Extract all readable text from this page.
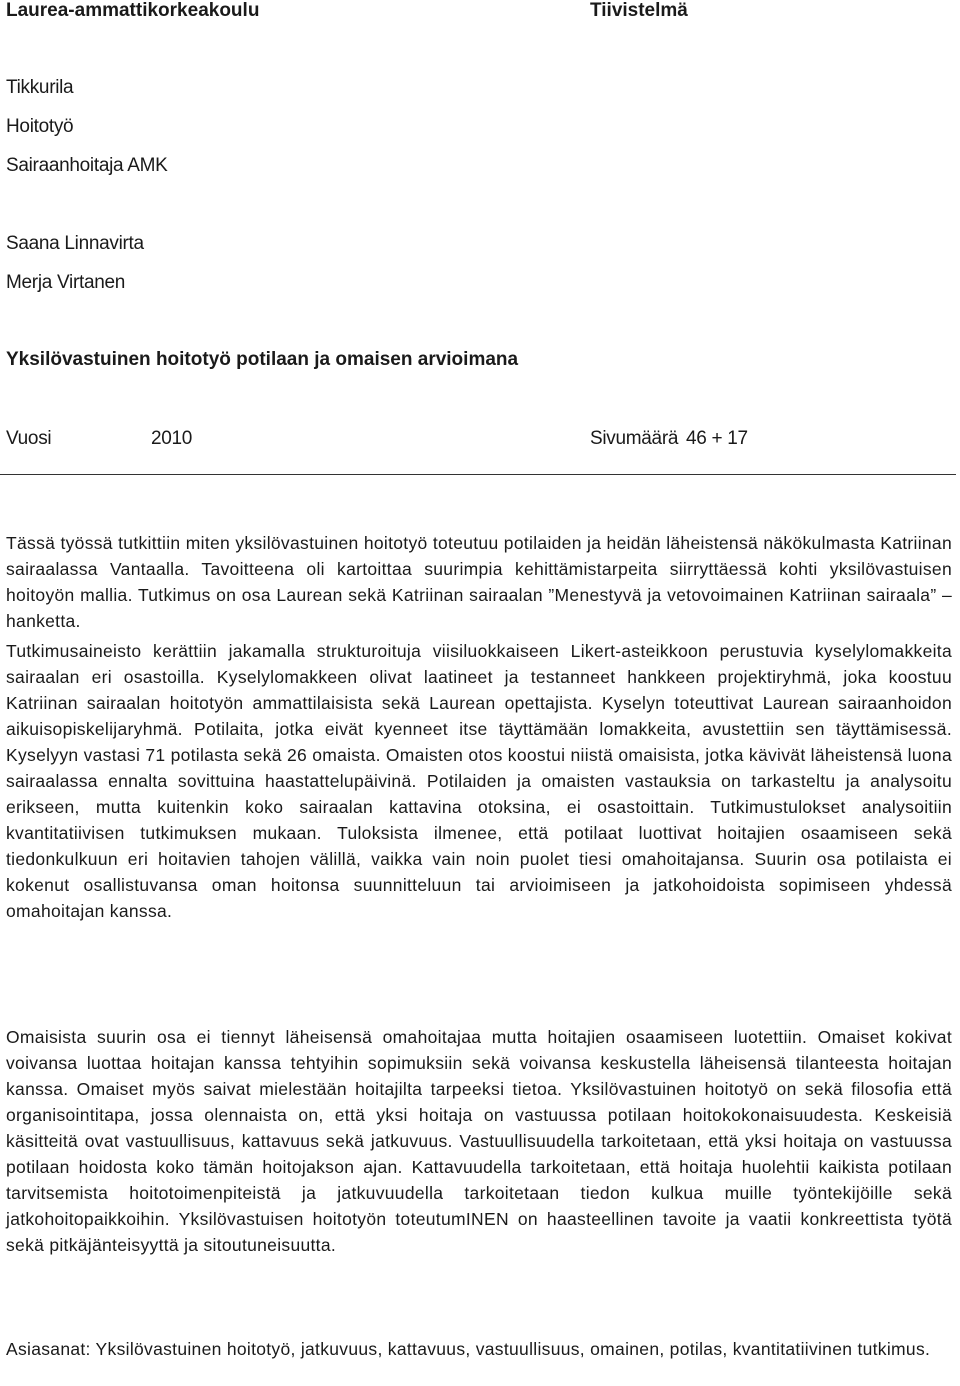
Laurea-ammattikorkeakoulu	Tiivistelmä
Tikkurila
Hoitotyö
Sairaanhoitaja AMK
Saana Linnavirta
Merja Virtanen
Yksilövastuinen hoitotyö potilaan ja omaisen arvioimana
Vuosi	2010	Sivumäärä 46 + 17
Tässä työssä tutkittiin miten yksilövastuinen hoitotyö toteutuu potilaiden ja heidän läheistensä näkökulmasta Katriinan sairaalassa Vantaalla. Tavoitteena oli kartoittaa suurimpia kehittämistarpeita siirryttäessä kohti yksilövastuisen hoitoyön mallia. Tutkimus on osa Laurean sekä Katriinan sairaalan ”Menestyvä ja vetovoimainen Katriinan sairaala” –hanketta.
Tutkimusaineisto kerättiin jakamalla strukturoituja viisiluokkaiseen Likert-asteikkoon perustuvia kyselylomakkeita sairaalan eri osastoilla. Kyselylomakkeen olivat laatineet ja testanneet hankkeen projektiryhmä, joka koostuu Katriinan sairaalan hoitotyön ammattilaisista sekä Laurean opettajista. Kyselyn toteuttivat Laurean sairaanhoidon aikuisopiskelijaryhmä. Potilaita, jotka eivät kyenneet itse täyttämään lomakkeita, avustettiin sen täyttämisessä. Kyselyyn vastasi 71 potilasta sekä 26 omaista. Omaisten otos koostui niistä omaisista, jotka kävivät läheistensä luona sairaalassa ennalta sovittuina haastattelupäivinä. Potilaiden ja omaisten vastauksia on tarkasteltu ja analysoitu erikseen, mutta kuitenkin koko sairaalan kattavina otoksina, ei osastoittain. Tutkimustulokset analysoitiin kvantitatiivisen tutkimuksen mukaan. Tuloksista ilmenee, että potilaat luottivat hoitajien osaamiseen sekä tiedonkulkuun eri hoitavien tahojen välillä, vaikka vain noin puolet tiesi omahoitajansa. Suurin osa potilaista ei kokenut osallistuvansa oman hoitonsa suunnitteluun tai arvioimiseen ja jatkohoidoista sopimiseen yhdessä omahoitajan kanssa.
Omaisista suurin osa ei tiennyt läheisensä omahoitajaa mutta hoitajien osaamiseen luotettiin. Omaiset kokivat voivansa luottaa hoitajan kanssa tehtyihin sopimuksiin sekä voivansa keskustella läheisensä tilanteesta hoitajan kanssa. Omaiset myös saivat mielestään hoitajilta tarpeeksi tietoa. Yksilövastuinen hoitotyö on sekä filosofia että organisointitapa, jossa olennaista on, että yksi hoitaja on vastuussa potilaan hoitokokonaisuudesta. Keskeisiä käsitteitä ovat vastuullisuus, kattavuus sekä jatkuvuus. Vastuullisuudella tarkoitetaan, että yksi hoitaja on vastuussa potilaan hoidosta koko tämän hoitojakson ajan. Kattavuudella tarkoitetaan, että hoitaja huolehtii kaikista potilaan tarvitsemista hoitotoimenpiteistä ja jatkuvuudella tarkoitetaan tiedon kulkua muille työntekijöille sekä jatkohoitopaikkoihin. Yksilövastuisen hoitotyön toteutumINEN on haasteellinen tavoite ja vaatii konkreettista työtä sekä pitkäjänteisyyttä ja sitoutuneisuutta.
Asiasanat: Yksilövastuinen hoitotyö, jatkuvuus, kattavuus, vastuullisuus, omainen, potilas, kvantitatiivinen tutkimus.
